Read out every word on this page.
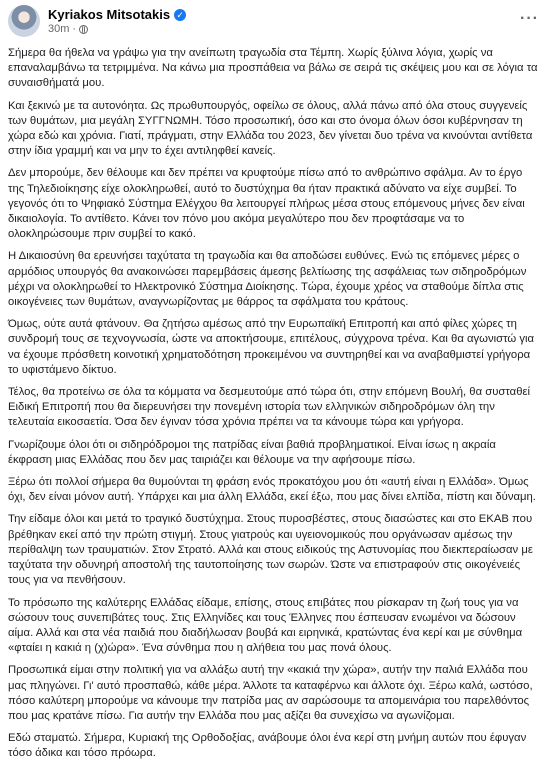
Kyriakos Mitsotakis ✓
30m ·
···

Σήμερα θα ήθελα να γράψω για την ανείπωτη τραγωδία στα Τέμπη. Χωρίς ξύλινα λόγια, χωρίς να επαναλαμβάνω τα τετριμμένα. Να κάνω μια προσπάθεια να βάλω σε σειρά τις σκέψεις μου και σε λόγια τα συναισθήματά μου.

Και ξεκινώ με τα αυτονόητα. Ως πρωθυπουργός, οφείλω σε όλους, αλλά πάνω από όλα στους συγγενείς των θυμάτων, μια μεγάλη ΣΥΓΓΝΩΜΗ. Τόσο προσωπική, όσο και στο όνομα όλων όσοι κυβέρνησαν τη χώρα εδώ και χρόνια. Γιατί, πράγματι, στην Ελλάδα του 2023, δεν γίνεται δυο τρένα να κινούνται αντίθετα στην ίδια γραμμή και να μην το έχει αντιληφθεί κανείς.

Δεν μπορούμε, δεν θέλουμε και δεν πρέπει να κρυφτούμε πίσω από το ανθρώπινο σφάλμα. Αν το έργο της Τηλεδιοίκησης είχε ολοκληρωθεί, αυτό το δυστύχημα θα ήταν πρακτικά αδύνατο να είχε συμβεί. Το γεγονός ότι το Ψηφιακό Σύστημα Ελέγχου θα λειτουργεί πλήρως μέσα στους επόμενους μήνες δεν είναι δικαιολογία. Το αντίθετο. Κάνει τον πόνο μου ακόμα μεγαλύτερο που δεν προφτάσαμε να το ολοκληρώσουμε πριν συμβεί το κακό.

Η Δικαιοσύνη θα ερευνήσει ταχύτατα τη τραγωδία και θα αποδώσει ευθύνες. Ενώ τις επόμενες μέρες ο αρμόδιος υπουργός θα ανακοινώσει παρεμβάσεις άμεσης βελτίωσης της ασφάλειας των σιδηροδρόμων μέχρι να ολοκληρωθεί το Ηλεκτρονικό Σύστημα Διοίκησης. Τώρα, έχουμε χρέος να σταθούμε δίπλα στις οικογένειες των θυμάτων, αναγνωρίζοντας με θάρρος τα σφάλματα του κράτους.

Όμως, ούτε αυτά φτάνουν. Θα ζητήσω αμέσως από την Ευρωπαϊκή Επιτροπή και από φίλες χώρες τη συνδρομή τους σε τεχνογνωσία, ώστε να αποκτήσουμε, επιτέλους, σύγχρονα τρένα. Και θα αγωνιστώ για να έχουμε πρόσθετη κοινοτική χρηματοδότηση προκειμένου να συντηρηθεί και να αναβαθμιστεί γρήγορα το υφιστάμενο δίκτυο.

Τέλος, θα προτείνω σε όλα τα κόμματα να δεσμευτούμε από τώρα ότι, στην επόμενη Βουλή, θα συσταθεί Ειδική Επιτροπή που θα διερευνήσει την πονεμένη ιστορία των ελληνικών σιδηροδρόμων όλη την τελευταία εικοσαετία. Όσα δεν έγιναν τόσα χρόνια πρέπει να τα κάνουμε τώρα και γρήγορα.

Γνωρίζουμε όλοι ότι οι σιδηρόδρομοι της πατρίδας είναι βαθιά προβληματικοί. Είναι ίσως η ακραία έκφραση μιας Ελλάδας που δεν μας ταιριάζει και θέλουμε να την αφήσουμε πίσω.

Ξέρω ότι πολλοί σήμερα θα θυμούνται τη φράση ενός προκατόχου μου ότι «αυτή είναι η Ελλάδα». Όμως όχι, δεν είναι μόνον αυτή. Υπάρχει και μια άλλη Ελλάδα, εκεί έξω, που μας δίνει ελπίδα, πίστη και δύναμη.

Την είδαμε όλοι και μετά το τραγικό δυστύχημα. Στους πυροσβέστες, στους διασώστες και στο ΕΚΑΒ που βρέθηκαν εκεί από την πρώτη στιγμή. Στους γιατρούς και υγειονομικούς που οργάνωσαν αμέσως την περίθαλψη των τραυματιών. Στον Στρατό. Αλλά και στους ειδικούς της Αστυνομίας που διεκπεραίωσαν με ταχύτατα την οδυνηρή αποστολή της ταυτοποίησης των σωρών. Ώστε να επιστραφούν στις οικογένειές τους για να πενθήσουν.

Το πρόσωπο της καλύτερης Ελλάδας είδαμε, επίσης, στους επιβάτες που ρίσκαραν τη ζωή τους για να σώσουν τους συνεπιβάτες τους. Στις Ελληνίδες και τους Έλληνες που έσπευσαν ενωμένοι να δώσουν αίμα. Αλλά και στα νέα παιδιά που διαδήλωσαν βουβά και ειρηνικά, κρατώντας ένα κερί και με σύνθημα «φταίει η κακιά η (χ)ώρα». Ένα σύνθημα που η αλήθεια του μας πονά όλους.

Προσωπικά είμαι στην πολιτική για να αλλάξω αυτή την «κακιά την χώρα», αυτήν την παλιά Ελλάδα που μας πληγώνει. Γι' αυτό προσπαθώ, κάθε μέρα. Άλλοτε τα καταφέρνω και άλλοτε όχι. Ξέρω καλά, ωστόσο, πόσο καλύτερη μπορούμε να κάνουμε την πατρίδα μας αν σαρώσουμε τα απομεινάρια του παρελθόντος που μας κρατάνε πίσω. Για αυτήν την Ελλάδα που μας αξίζει θα συνεχίσω να αγωνίζομαι.

Εδώ σταματώ. Σήμερα, Κυριακή της Ορθοδοξίας, ανάβουμε όλοι ένα κερί στη μνήμη αυτών που έφυγαν τόσο άδικα και τόσο πρόωρα.
